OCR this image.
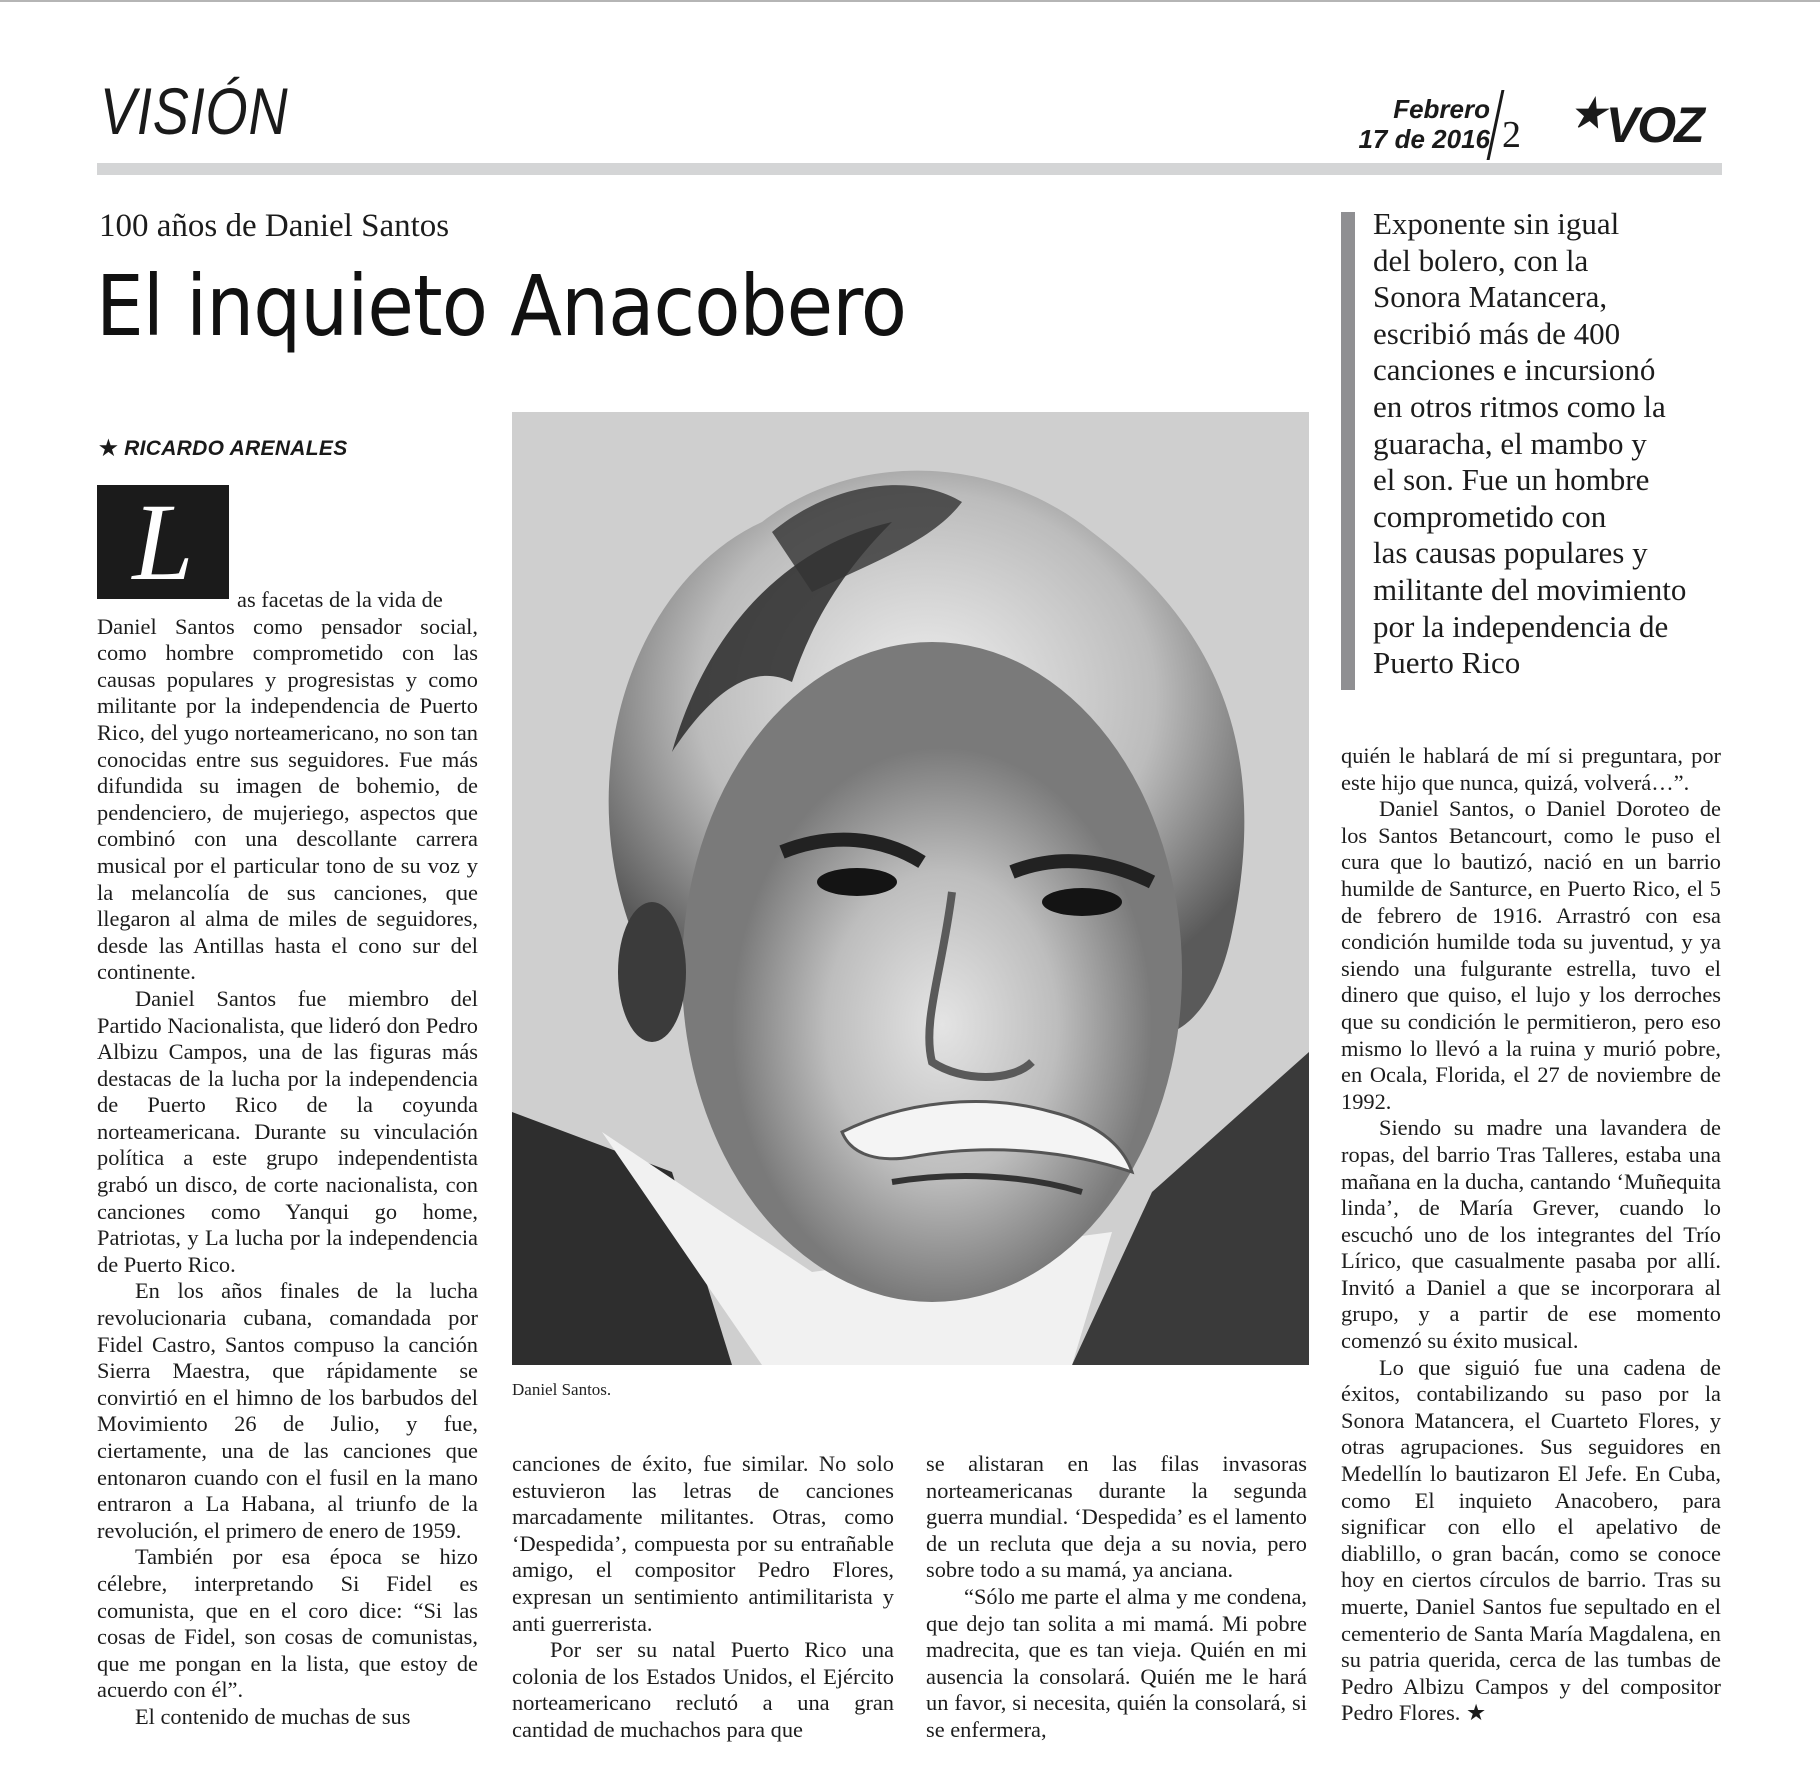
VISIÓN	Febrero
17 de 2016 2 ★VOZ
100 años de Daniel Santos
El inquieto Anacobero
★ RICARDO ARENALES
L	as facetas de la vida de
Daniel Santos como pensador social, como hombre comprometido con las causas populares y progresistas y como militante por la independencia de Puerto Rico, del yugo norteamericano, no son tan conocidas entre sus seguidores. Fue más difundida su imagen de bohemio, de pendenciero, de mujeriego, aspectos que combinó con una descollante carrera musical por el particular tono de su voz y la melancolía de sus canciones, que llegaron al alma de miles de seguidores, desde las Antillas hasta el cono sur del continente.

Daniel Santos fue miembro del Partido Nacionalista, que lideró don Pedro Albizu Campos, una de las figuras más destacas de la lucha por la independencia de Puerto Rico de la coyunda norteamericana. Durante su vinculación política a este grupo independentista grabó un disco, de corte nacionalista, con canciones como Yanqui go home, Patriotas, y La lucha por la independencia de Puerto Rico.

En los años finales de la lucha revolucionaria cubana, comandada por Fidel Castro, Santos compuso la canción Sierra Maestra, que rápidamente se convirtió en el himno de los barbudos del Movimiento 26 de Julio, y fue, ciertamente, una de las canciones que entonaron cuando con el fusil en la mano entraron a La Habana, al triunfo de la revolución, el primero de enero de 1959.

También por esa época se hizo célebre, interpretando Si Fidel es comunista, que en el coro dice: “Si las cosas de Fidel, son cosas de comunistas, que me pongan en la lista, que estoy de acuerdo con él”.

El contenido de muchas de sus

Daniel Santos.

canciones de éxito, fue similar. No solo estuvieron las letras de canciones marcadamente militantes. Otras, como ‘Despedida’, compuesta por su entrañable amigo, el compositor Pedro Flores, expresan un sentimiento antimilitarista y anti guerrerista.

Por ser su natal Puerto Rico una colonia de los Estados Unidos, el Ejército norteamericano reclutó a una gran cantidad de muchachos para que

se alistaran en las filas invasoras norteamericanas durante la segunda guerra mundial. ‘Despedida’ es el lamento de un recluta que deja a su novia, pero sobre todo a su mamá, ya anciana.

“Sólo me parte el alma y me condena, que dejo tan solita a mi mamá. Mi pobre madrecita, que es tan vieja. Quién en mi ausencia la consolará. Quién me le hará un favor, si necesita, quién la consolará, si se enfermera,

Exponente sin igual
del bolero, con la
Sonora Matancera,
escribió más de 400
canciones e incursionó
en otros ritmos como la
guaracha, el mambo y
el son. Fue un hombre
comprometido con
las causas populares y
militante del movimiento
por la independencia de
Puerto Rico

quién le hablará de mí si preguntara, por este hijo que nunca, quizá, volverá…”.

Daniel Santos, o Daniel Doroteo de los Santos Betancourt, como le puso el cura que lo bautizó, nació en un barrio humilde de Santurce, en Puerto Rico, el 5 de febrero de 1916. Arrastró con esa condición humilde toda su juventud, y ya siendo una fulgurante estrella, tuvo el dinero que quiso, el lujo y los derroches que su condición le permitieron, pero eso mismo lo llevó a la ruina y murió pobre, en Ocala, Florida, el 27 de noviembre de 1992.

Siendo su madre una lavandera de ropas, del barrio Tras Talleres, estaba una mañana en la ducha, cantando ‘Muñequita linda’, de María Grever, cuando lo escuchó uno de los integrantes del Trío Lírico, que casualmente pasaba por allí. Invitó a Daniel a que se incorporara al grupo, y a partir de ese momento comenzó su éxito musical.

Lo que siguió fue una cadena de éxitos, contabilizando su paso por la Sonora Matancera, el Cuarteto Flores, y otras agrupaciones. Sus seguidores en Medellín lo bautizaron El Jefe. En Cuba, como El inquieto Anacobero, para significar con ello el apelativo de diablillo, o gran bacán, como se conoce hoy en ciertos círculos de barrio. Tras su muerte, Daniel Santos fue sepultado en el cementerio de Santa María Magdalena, en su patria querida, cerca de las tumbas de Pedro Albizu Campos y del compositor Pedro Flores. ★
